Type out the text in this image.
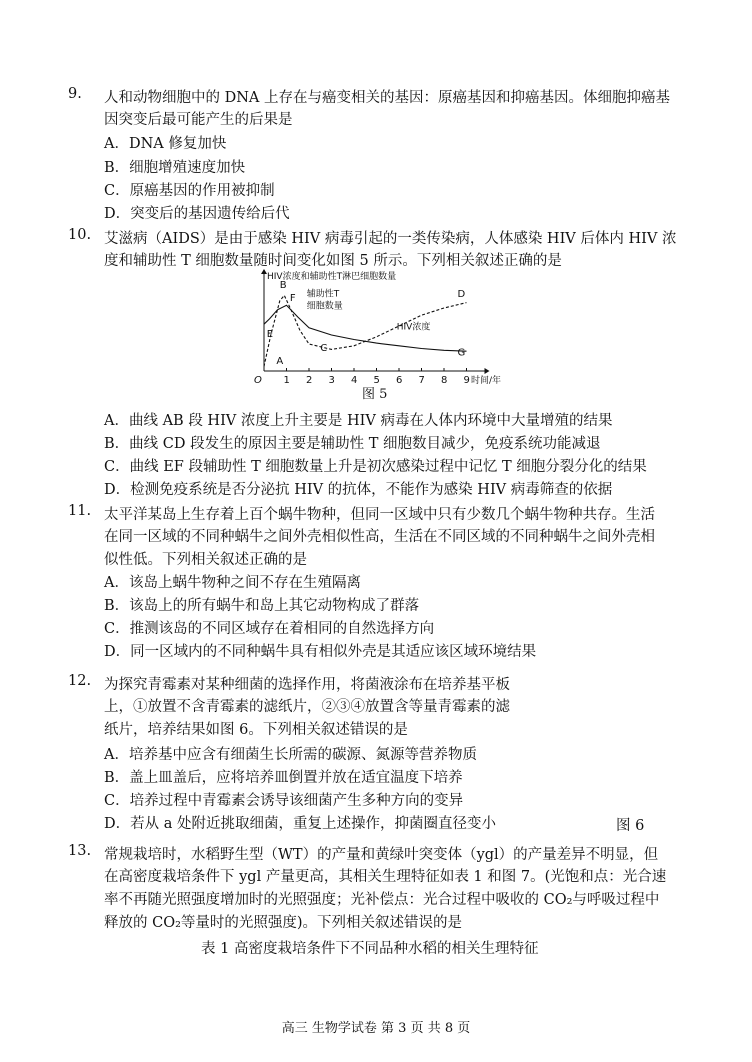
9. 人和动物细胞中的 DNA 上存在与癌变相关的基因：原癌基因和抑癌基因。体细胞抑癌基
因突变后最可能产生的后果是
A．DNA 修复加快
B．细胞增殖速度加快
C．原癌基因的作用被抑制
D．突变后的基因遗传给后代
10. 艾滋病（AIDS）是由于感染 HIV 病毒引起的一类传染病，人体感染 HIV 后体内 HIV 浓
度和辅助性 T 细胞数量随时间变化如图 5 所示。下列相关叙述正确的是
HIV浓度和辅助性T淋巴细胞数量
O 1 2 3 4 5 6 7 8 9 时间/年
辅助性T
细胞数量
HIV浓度
A
B
F
E
C
D
G
图 5
A．曲线 AB 段 HIV 浓度上升主要是 HIV 病毒在人体内环境中大量增殖的结果
B．曲线 CD 段发生的原因主要是辅助性 T 细胞数目减少，免疫系统功能减退
C．曲线 EF 段辅助性 T 细胞数量上升是初次感染过程中记忆 T 细胞分裂分化的结果
D．检测免疫系统是否分泌抗 HIV 的抗体，不能作为感染 HIV 病毒筛查的依据
11. 太平洋某岛上生存着上百个蜗牛物种，但同一区域中只有少数几个蜗牛物种共存。生活
在同一区域的不同种蜗牛之间外壳相似性高，生活在不同区域的不同种蜗牛之间外壳相
似性低。下列相关叙述正确的是
A．该岛上蜗牛物种之间不存在生殖隔离
B．该岛上的所有蜗牛和岛上其它动物构成了群落
C．推测该岛的不同区域存在着相同的自然选择方向
D．同一区域内的不同种蜗牛具有相似外壳是其适应该区域环境结果
12. 为探究青霉素对某种细菌的选择作用，将菌液涂布在培养基平板
上，①放置不含青霉素的滤纸片，②③④放置含等量青霉素的滤
纸片，培养结果如图 6。下列相关叙述错误的是
A．培养基中应含有细菌生长所需的碳源、氮源等营养物质
B．盖上皿盖后，应将培养皿倒置并放在适宜温度下培养
C．培养过程中青霉素会诱导该细菌产生多种方向的变异
D．若从 a 处附近挑取细菌，重复上述操作，抑菌圈直径变小	图 6
13. 常规栽培时，水稻野生型（WT）的产量和黄绿叶突变体（ygl）的产量差异不明显，但
在高密度栽培条件下 ygl 产量更高，其相关生理特征如表 1 和图 7。(光饱和点：光合速
率不再随光照强度增加时的光照强度；光补偿点：光合过程中吸收的 CO₂与呼吸过程中
释放的 CO₂等量时的光照强度)。下列相关叙述错误的是
表 1 高密度栽培条件下不同品种水稻的相关生理特征
高三 生物学试卷 第 3 页 共 8 页
